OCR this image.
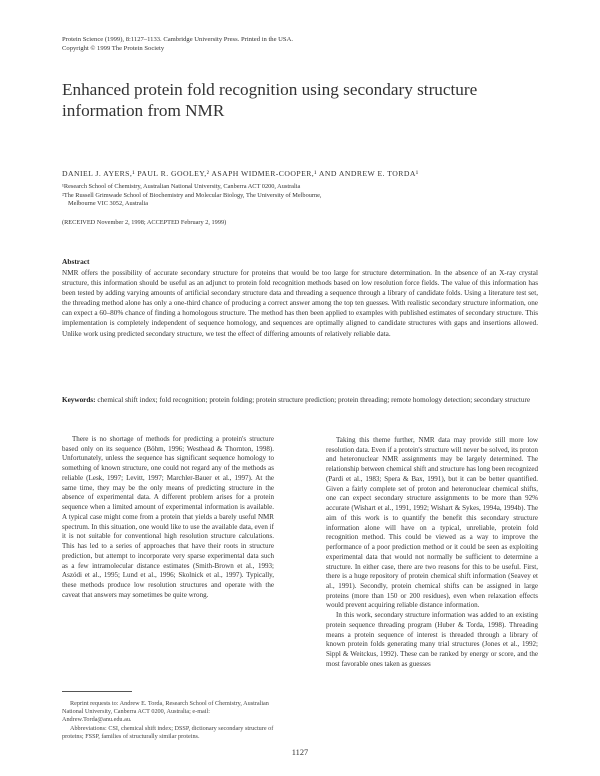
Protein Science (1999), 8:1127–1133. Cambridge University Press. Printed in the USA.
Copyright © 1999 The Protein Society
Enhanced protein fold recognition using secondary structure information from NMR
DANIEL J. AYERS,¹ PAUL R. GOOLEY,² ASAPH WIDMER-COOPER,¹ AND ANDREW E. TORDA¹
¹Research School of Chemistry, Australian National University, Canberra ACT 0200, Australia
²The Russell Grimwade School of Biochemistry and Molecular Biology, The University of Melbourne,
Melbourne VIC 3052, Australia
(RECEIVED November 2, 1998; ACCEPTED February 2, 1999)
Abstract

NMR offers the possibility of accurate secondary structure for proteins that would be too large for structure determination. In the absence of an X-ray crystal structure, this information should be useful as an adjunct to protein fold recognition methods based on low resolution force fields. The value of this information has been tested by adding varying amounts of artificial secondary structure data and threading a sequence through a library of candidate folds. Using a literature test set, the threading method alone has only a one-third chance of producing a correct answer among the top ten guesses. With realistic secondary structure information, one can expect a 60–80% chance of finding a homologous structure. The method has then been applied to examples with published estimates of secondary structure. This implementation is completely independent of sequence homology, and sequences are optimally aligned to candidate structures with gaps and insertions allowed. Unlike work using predicted secondary structure, we test the effect of differing amounts of relatively reliable data.

Keywords: chemical shift index; fold recognition; protein folding; protein structure prediction; protein threading; remote homology detection; secondary structure

There is no shortage of methods for predicting a protein's structure based only on its sequence (Böhm, 1996; Westhead & Thornton, 1998). Unfortunately, unless the sequence has significant sequence homology to something of known structure, one could not regard any of the methods as reliable (Lesk, 1997; Levitt, 1997; Marchler-Bauer et al., 1997). At the same time, they may be the only means of predicting structure in the absence of experimental data. A different problem arises for a protein sequence when a limited amount of experimental information is available. A typical case might come from a protein that yields a barely useful NMR spectrum. In this situation, one would like to use the available data, even if it is not suitable for conventional high resolution structure calculations. This has led to a series of approaches that have their roots in structure prediction, but attempt to incorporate very sparse experimental data such as a few intramolecular distance estimates (Smith-Brown et al., 1993; Aszódi et al., 1995; Lund et al., 1996; Skolnick et al., 1997). Typically, these methods produce low resolution structures and operate with the caveat that answers may sometimes be quite wrong.

Taking this theme further, NMR data may provide still more low resolution data. Even if a protein's structure will never be solved, its proton and heteronuclear NMR assignments may be largely determined. The relationship between chemical shift and structure has long been recognized (Pardi et al., 1983; Spera & Bax, 1991), but it can be better quantified. Given a fairly complete set of proton and heteronuclear chemical shifts, one can expect secondary structure assignments to be more than 92% accurate (Wishart et al., 1991, 1992; Wishart & Sykes, 1994a, 1994b). The aim of this work is to quantify the benefit this secondary structure information alone will have on a typical, unreliable, protein fold recognition method. This could be viewed as a way to improve the performance of a poor prediction method or it could be seen as exploiting experimental data that would not normally be sufficient to determine a structure. In either case, there are two reasons for this to be useful. First, there is a huge repository of protein chemical shift information (Seavey et al., 1991). Secondly, protein chemical shifts can be assigned in large proteins (more than 150 or 200 residues), even when relaxation effects would prevent acquiring reliable distance information.

In this work, secondary structure information was added to an existing protein sequence threading program (Huber & Torda, 1998). Threading means a protein sequence of interest is threaded through a library of known protein folds generating many trial structures (Jones et al., 1992; Sippl & Weitckus, 1992). These can be ranked by energy or score, and the most favorable ones taken as guesses

Reprint requests to: Andrew E. Torda, Research School of Chemistry, Australian National University, Canberra ACT 0200, Australia; e-mail: Andrew.Torda@anu.edu.au.

Abbreviations: CSI, chemical shift index; DSSP, dictionary secondary structure of proteins; FSSP, families of structurally similar proteins.

1127
